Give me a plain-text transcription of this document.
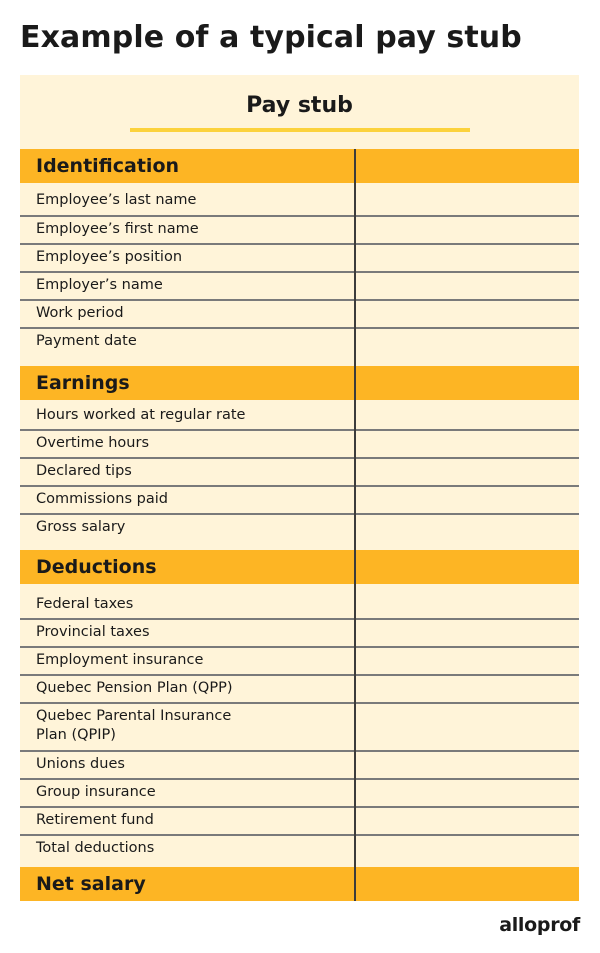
Example of a typical pay stub
Pay stub
Identification
Employee’s last name
Employee’s first name
Employee’s position
Employer’s name
Work period
Payment date
Earnings
Hours worked at regular rate
Overtime hours
Declared tips
Commissions paid
Gross salary
Deductions
Federal taxes
Provincial taxes
Employment insurance
Quebec Pension Plan (QPP)
Quebec Parental Insurance Plan (QPIP)
Unions dues
Group insurance
Retirement fund
Total deductions
Net salary
alloprof
